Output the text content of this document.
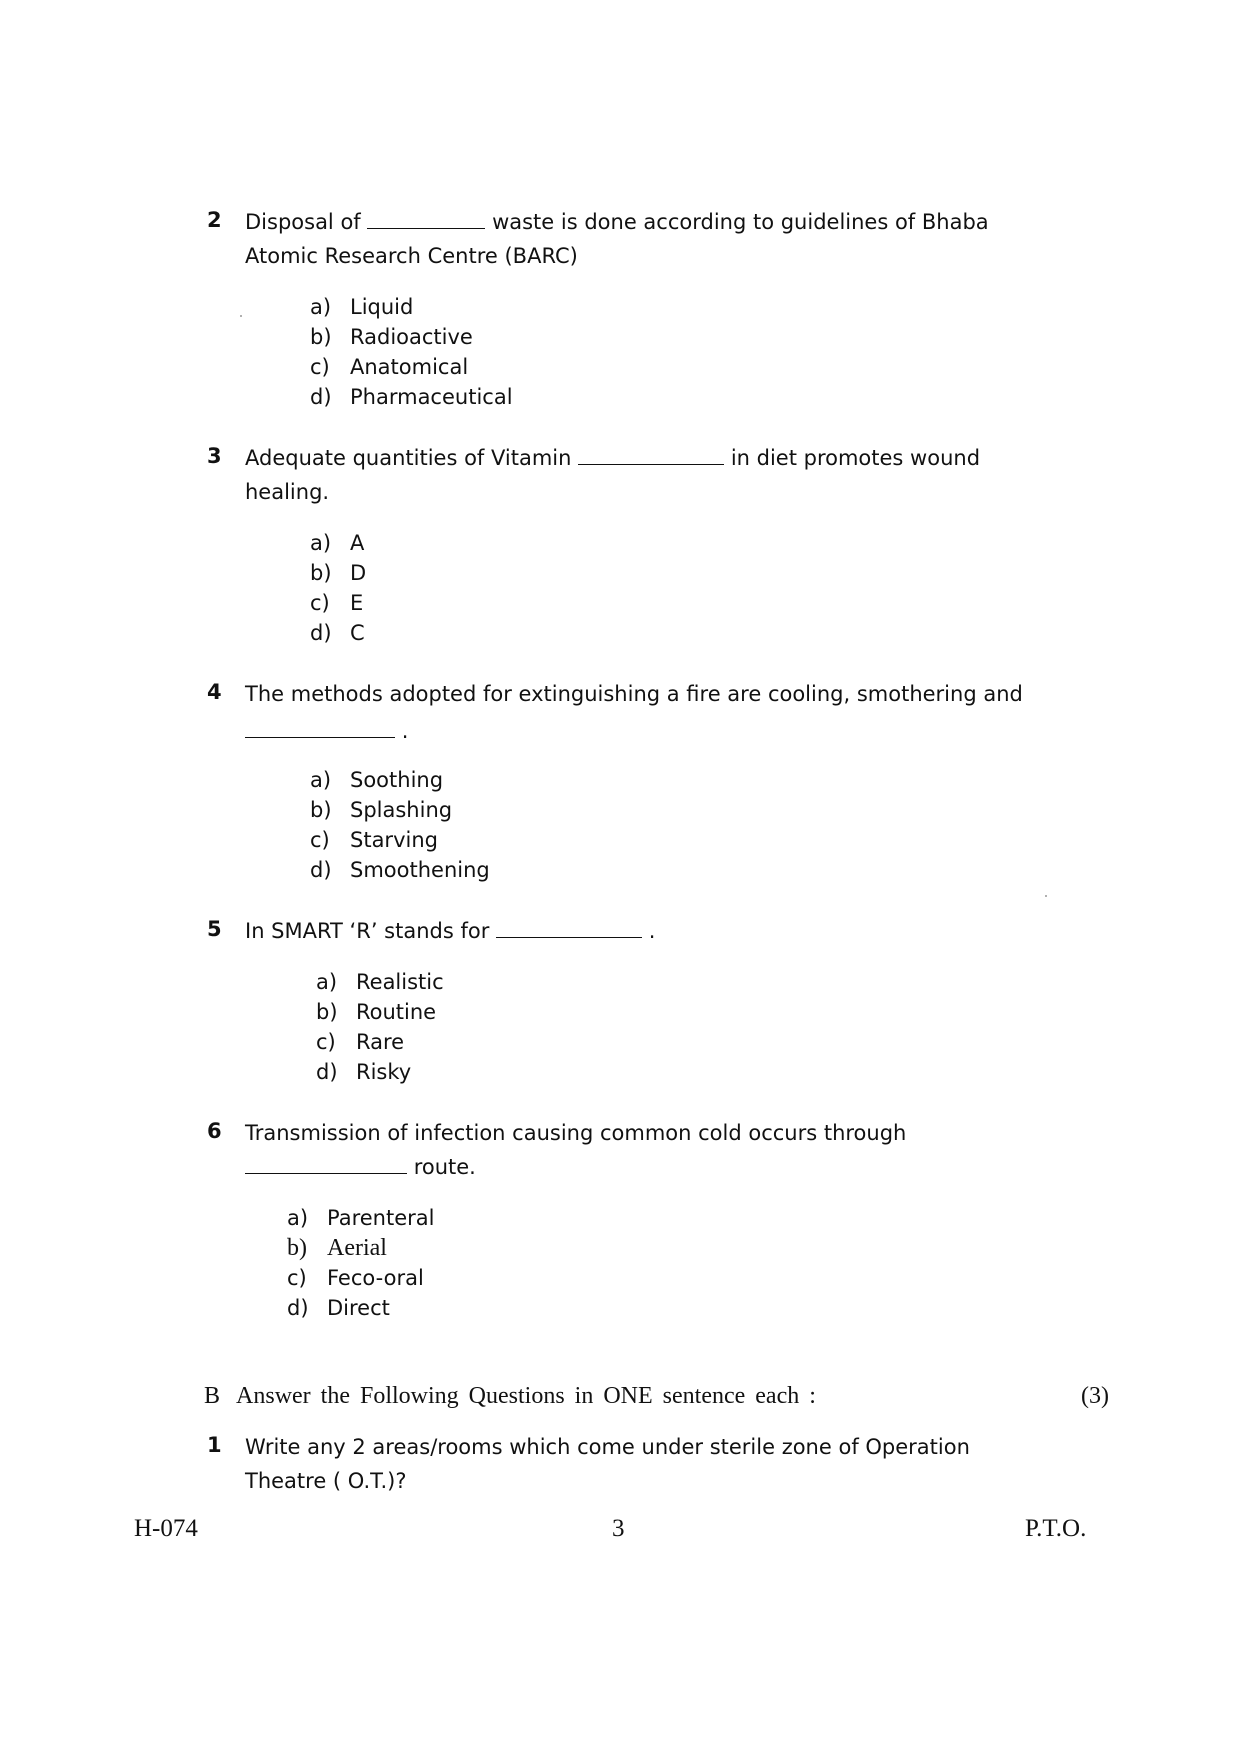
2 Disposal of	waste is done according to guidelines of Bhaba
Atomic Research Centre (BARC)
a) Liquid
b) Radioactive
c) Anatomical
d) Pharmaceutical
3 Adequate quantities of Vitamin	in diet promotes wound
healing.
a) A
b) D
c) E
d) C
4 The methods adopted for extinguishing a fire are cooling, smothering and
.
a) Soothing
b) Splashing
c) Starving
d) Smoothening
5 In SMART ‘R’ stands for	.
a) Realistic
b) Routine
c) Rare
d) Risky
6 Transmission of infection causing common cold occurs through
route.
a) Parenteral
b) Aerial
c) Feco-oral
d) Direct
B Answer the Following Questions in ONE sentence each :	(3)
1 Write any 2 areas/rooms which come under sterile zone of Operation
Theatre ( O.T.)?
H-074	3	P.T.O.
